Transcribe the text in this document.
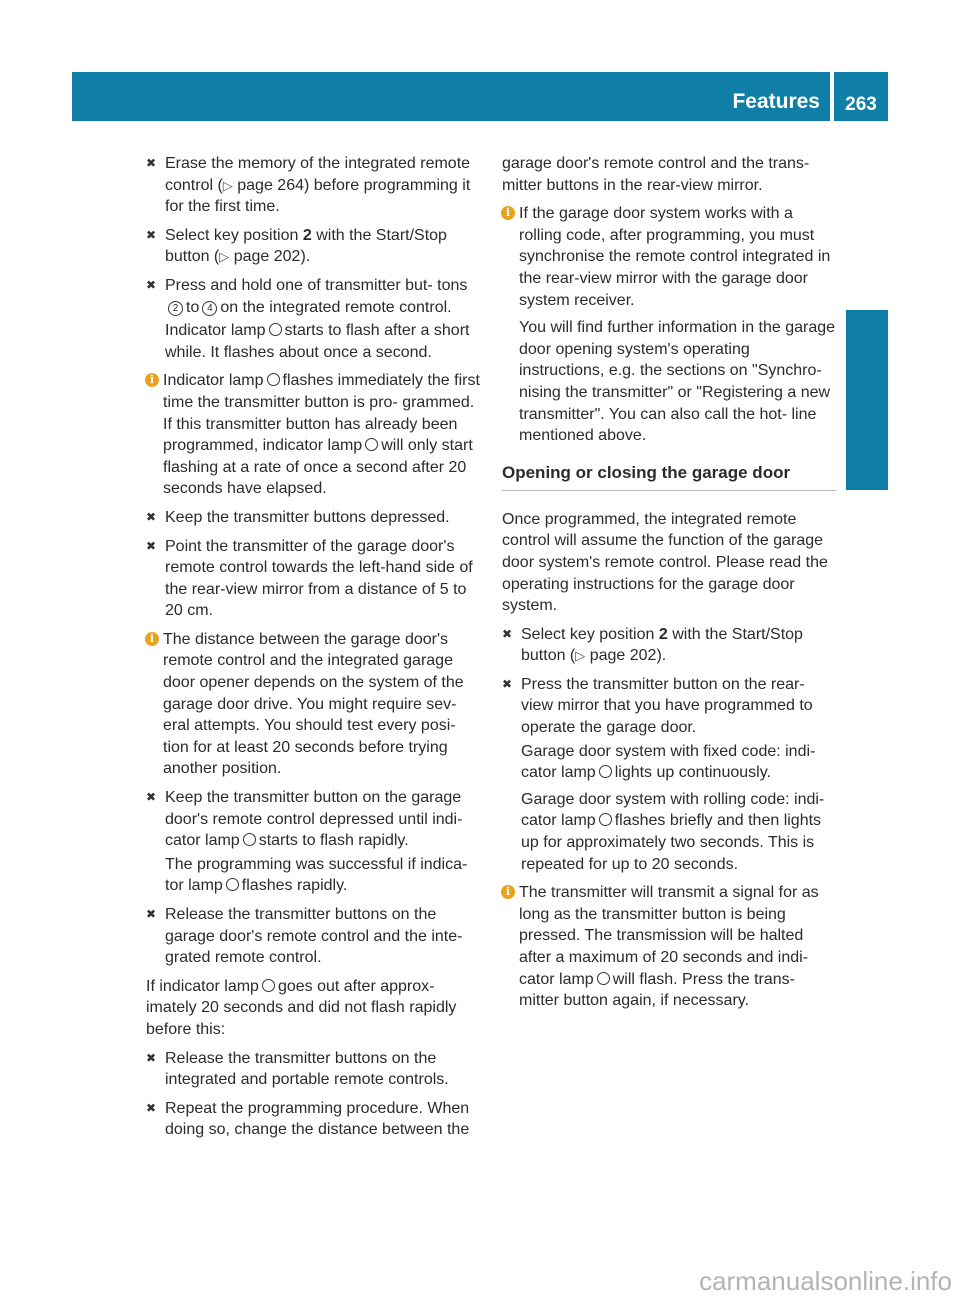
Features	263
Controls
✖ Erase the memory of the integrated remote control (▷ page 264) before programming it for the first time.
✖ Select key position 2 with the Start/Stop button (▷ page 202).
✖ Press and hold one of transmitter but- tons2 to 4 on the integrated remote control.
Indicator lamp starts to flash after a short while. It flashes about once a second.
i Indicator lamp flashes immediately the first time the transmitter button is pro- grammed. If this transmitter button has already been programmed, indicator lamp will only start flashing at a rate of once a second after 20 seconds have elapsed.
✖ Keep the transmitter buttons depressed.
✖ Point the transmitter of the garage door's remote control towards the left-hand side of the rear-view mirror from a distance of 5 to 20 cm.
i The distance between the garage door's remote control and the integrated garage door opener depends on the system of the garage door drive. You might require sev- eral attempts. You should test every posi- tion for at least 20 seconds before trying another position.
✖ Keep the transmitter button on the garage door's remote control depressed until indi- cator lamp starts to flash rapidly.
The programming was successful if indica- tor lamp flashes rapidly.
✖ Release the transmitter buttons on the garage door's remote control and the inte- grated remote control.

If indicator lamp goes out after approx- imately 20 seconds and did not flash rapidly before this:

✖ Release the transmitter buttons on the integrated and portable remote controls.
✖ Repeat the programming procedure. When doing so, change the distance between the

garage door's remote control and the trans- mitter buttons in the rear-view mirror.

i If the garage door system works with a rolling code, after programming, you must synchronise the remote control integrated in the rear-view mirror with the garage door system receiver.
You will find further information in the garage door opening system's operating instructions, e.g. the sections on "Synchro- nising the transmitter" or "Registering a new transmitter". You can also call the hot- line mentioned above.
Opening or closing the garage door

Once programmed, the integrated remote control will assume the function of the garage door system's remote control. Please read the operating instructions for the garage door system.

✖ Select key position 2 with the Start/Stop button (▷ page 202).
✖ Press the transmitter button on the rear- view mirror that you have programmed to operate the garage door.
Garage door system with fixed code: indi- cator lamp lights up continuously.
Garage door system with rolling code: indi- cator lamp flashes briefly and then lights up for approximately two seconds. This is repeated for up to 20 seconds.
i The transmitter will transmit a signal for as long as the transmitter button is being pressed. The transmission will be halted after a maximum of 20 seconds and indi- cator lamp will flash. Press the trans- mitter button again, if necessary.
carmanualsonline.info
